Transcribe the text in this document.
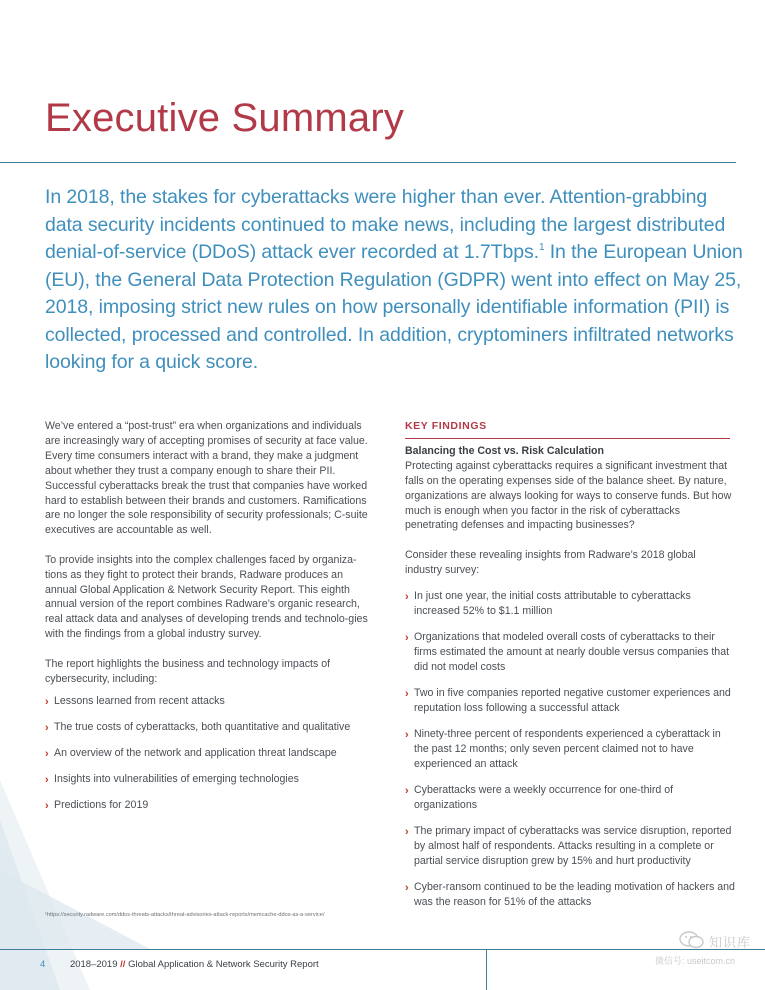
Executive Summary

In 2018, the stakes for cyberattacks were higher than ever. Attention-grabbing data security incidents continued to make news, including the largest distributed denial-of-service (DDoS) attack ever recorded at 1.7Tbps.$^1$ In the European Union (EU), the General Data Protection Regulation (GDPR) went into effect on May 25, 2018, imposing strict new rules on how personally identifiable information (PII) is collected, processed and controlled. In addition, cryptominers infiltrated networks looking for a quick score.

We’ve entered a “post-trust” era when organizations and individuals are increasingly wary of accepting promises of security at face value. Every time consumers interact with a brand, they make a judgment about whether they trust a company enough to share their PII. Successful cyberattacks break the trust that companies have worked hard to establish between their brands and customers. Ramifications are no longer the sole responsibility of security professionals; C-suite executives are accountable as well.

To provide insights into the complex challenges faced by organiza-tions as they fight to protect their brands, Radware produces an annual Global Application & Network Security Report. This eighth annual version of the report combines Radware’s organic research, real attack data and analyses of developing trends and technolo-gies with the findings from a global industry survey.

The report highlights the business and technology impacts of cybersecurity, including:

› Lessons learned from recent attacks
› The true costs of cyberattacks, both quantitative and qualitative
› An overview of the network and application threat landscape
› Insights into vulnerabilities of emerging technologies
› Predictions for 2019
KEY FINDINGS
Balancing the Cost vs. Risk Calculation

Protecting against cyberattacks requires a significant investment that falls on the operating expenses side of the balance sheet. By nature, organizations are always looking for ways to conserve funds. But how much is enough when you factor in the risk of cyberattacks penetrating defenses and impacting businesses?

Consider these revealing insights from Radware’s 2018 global industry survey:

› In just one year, the initial costs attributable to cyberattacks increased 52% to $1.1 million
› Organizations that modeled overall costs of cyberattacks to their firms estimated the amount at nearly double versus companies that did not model costs
› Two in five companies reported negative customer experiences and reputation loss following a successful attack
› Ninety-three percent of respondents experienced a cyberattack in the past 12 months; only seven percent claimed not to have experienced an attack
› Cyberattacks were a weekly occurrence for one-third of organizations
› The primary impact of cyberattacks was service disruption, reported by almost half of respondents. Attacks resulting in a complete or partial service disruption grew by 15% and hurt productivity
› Cyber-ransom continued to be the leading motivation of hackers and was the reason for 51% of the attacks
¹https://security.radware.com/ddos-threats-attacks/threat-advisories-attack-reports/memcache-ddos-as-a-service/
4	2018–2019 // Global Application & Network Security Report
知识库
微信号: useitcom.cn
